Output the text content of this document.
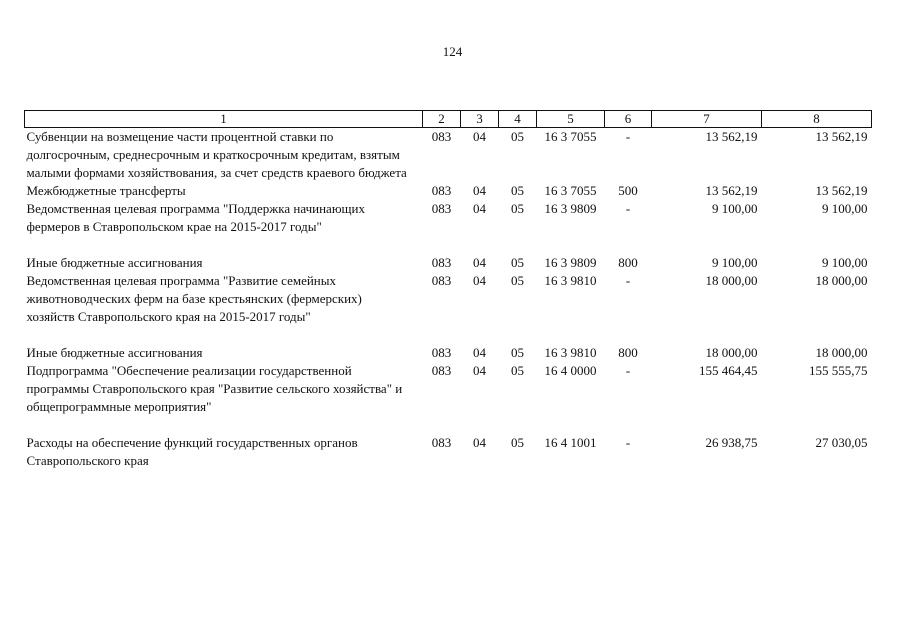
124
1	2	3	4	5	6	7	8
Субвенции на возмещение части процентной ставки по долгосрочным, среднесрочным и краткосрочным кредитам, взятым малыми формами хозяйствования, за счет средств краевого бюджета	083	04	05	16 3 7055	-	13 562,19	13 562,19
Межбюджетные трансферты	083	04	05	16 3 7055	500	13 562,19	13 562,19
Ведомственная целевая программа "Поддержка начинающих фермеров в Ставропольском крае на 2015-2017 годы"	083	04	05	16 3 9809	-	9 100,00	9 100,00
Иные бюджетные ассигнования	083	04	05	16 3 9809	800	9 100,00	9 100,00
Ведомственная целевая программа "Развитие семейных животноводческих ферм на базе крестьянских (фермерских) хозяйств Ставропольского края на 2015-2017 годы"	083	04	05	16 3 9810	-	18 000,00	18 000,00
Иные бюджетные ассигнования	083	04	05	16 3 9810	800	18 000,00	18 000,00
Подпрограмма "Обеспечение реализации государственной программы Ставропольского края "Развитие сельского хозяйства" и общепрограммные мероприятия"	083	04	05	16 4 0000	-	155 464,45	155 555,75
Расходы на обеспечение функций государственных органов Ставропольского края	083	04	05	16 4 1001	-	26 938,75	27 030,05
